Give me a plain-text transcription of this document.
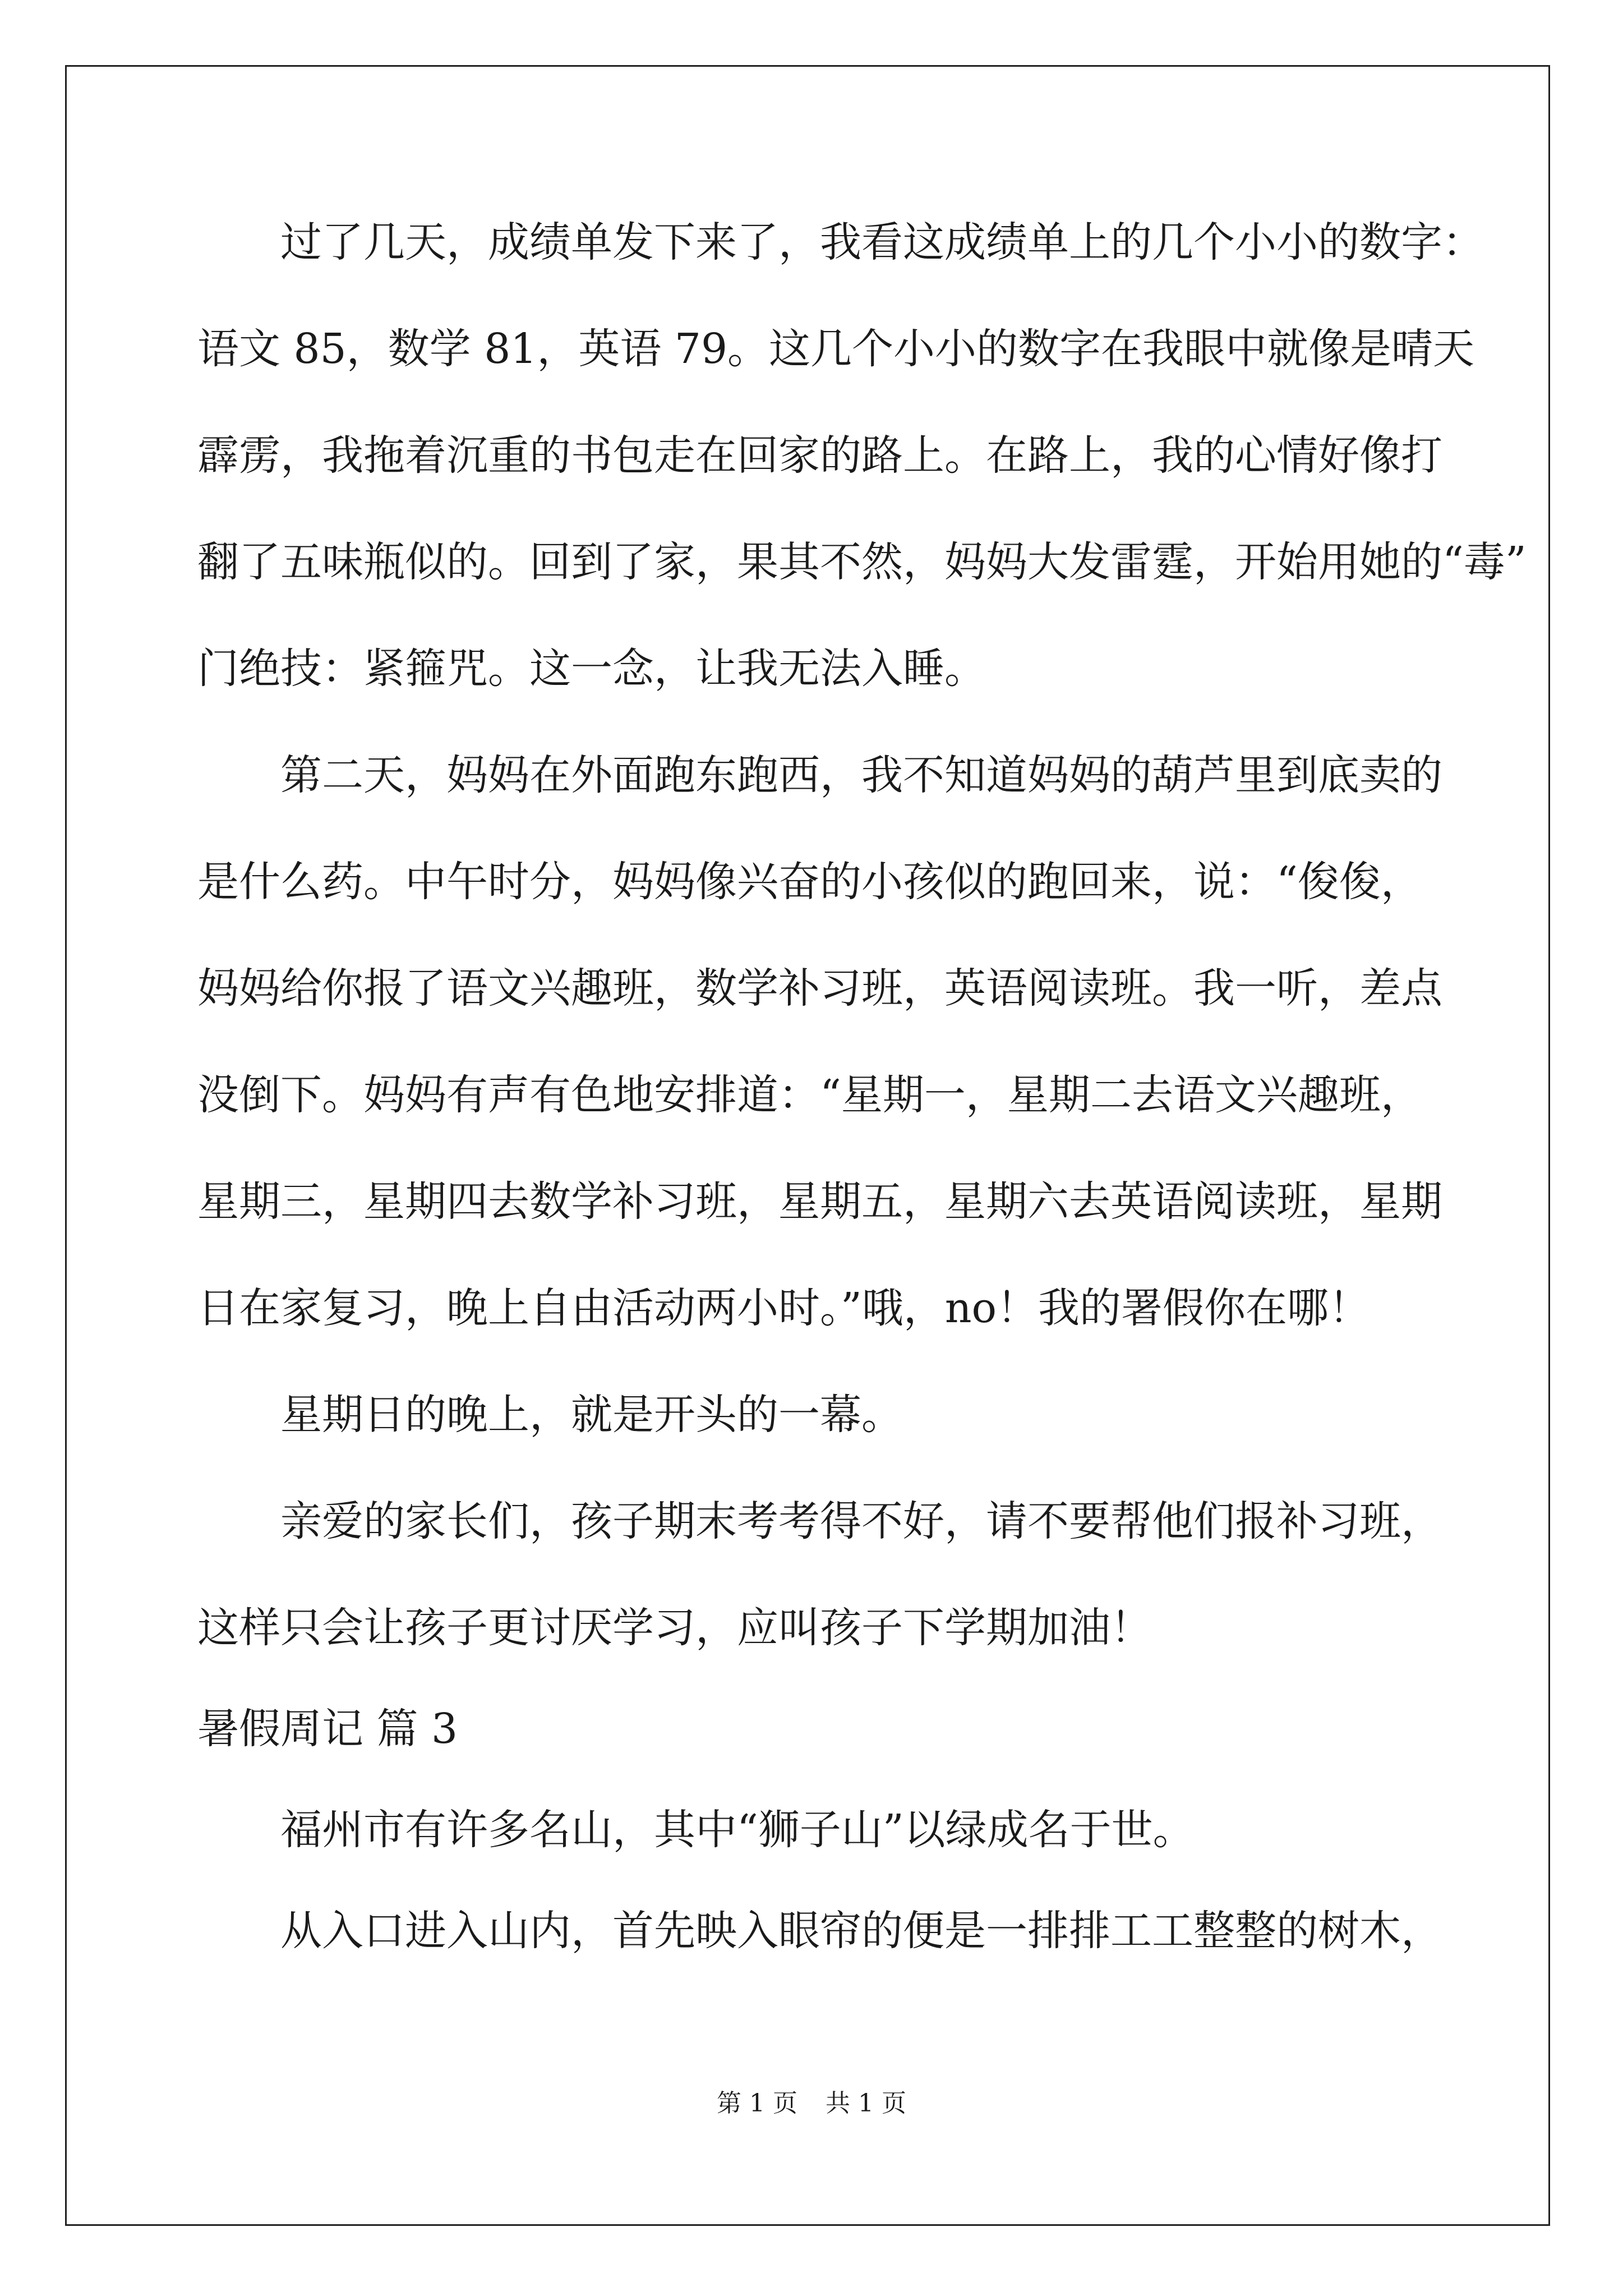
过了几天，成绩单发下来了，我看这成绩单上的几个小小的数字：

语文 85，数学 81，英语 79。这几个小小的数字在我眼中就像是晴天

霹雳，我拖着沉重的书包走在回家的路上。在路上，我的心情好像打

翻了五味瓶似的。回到了家，果其不然，妈妈大发雷霆，开始用她的“毒”

门绝技：紧箍咒。这一念，让我无法入睡。

第二天，妈妈在外面跑东跑西，我不知道妈妈的葫芦里到底卖的

是什么药。中午时分，妈妈像兴奋的小孩似的跑回来，说：“俊俊，

妈妈给你报了语文兴趣班，数学补习班，英语阅读班。我一听，差点

没倒下。妈妈有声有色地安排道：“星期一，星期二去语文兴趣班，

星期三，星期四去数学补习班，星期五，星期六去英语阅读班，星期

日在家复习，晚上自由活动两小时。”哦，no！我的署假你在哪！

星期日的晚上，就是开头的一幕。

亲爱的家长们，孩子期末考考得不好，请不要帮他们报补习班，

这样只会让孩子更讨厌学习，应叫孩子下学期加油！

暑假周记 篇 3

福州市有许多名山，其中“狮子山”以绿成名于世。

从入口进入山内，首先映入眼帘的便是一排排工工整整的树木，

第 1 页 共 1 页
